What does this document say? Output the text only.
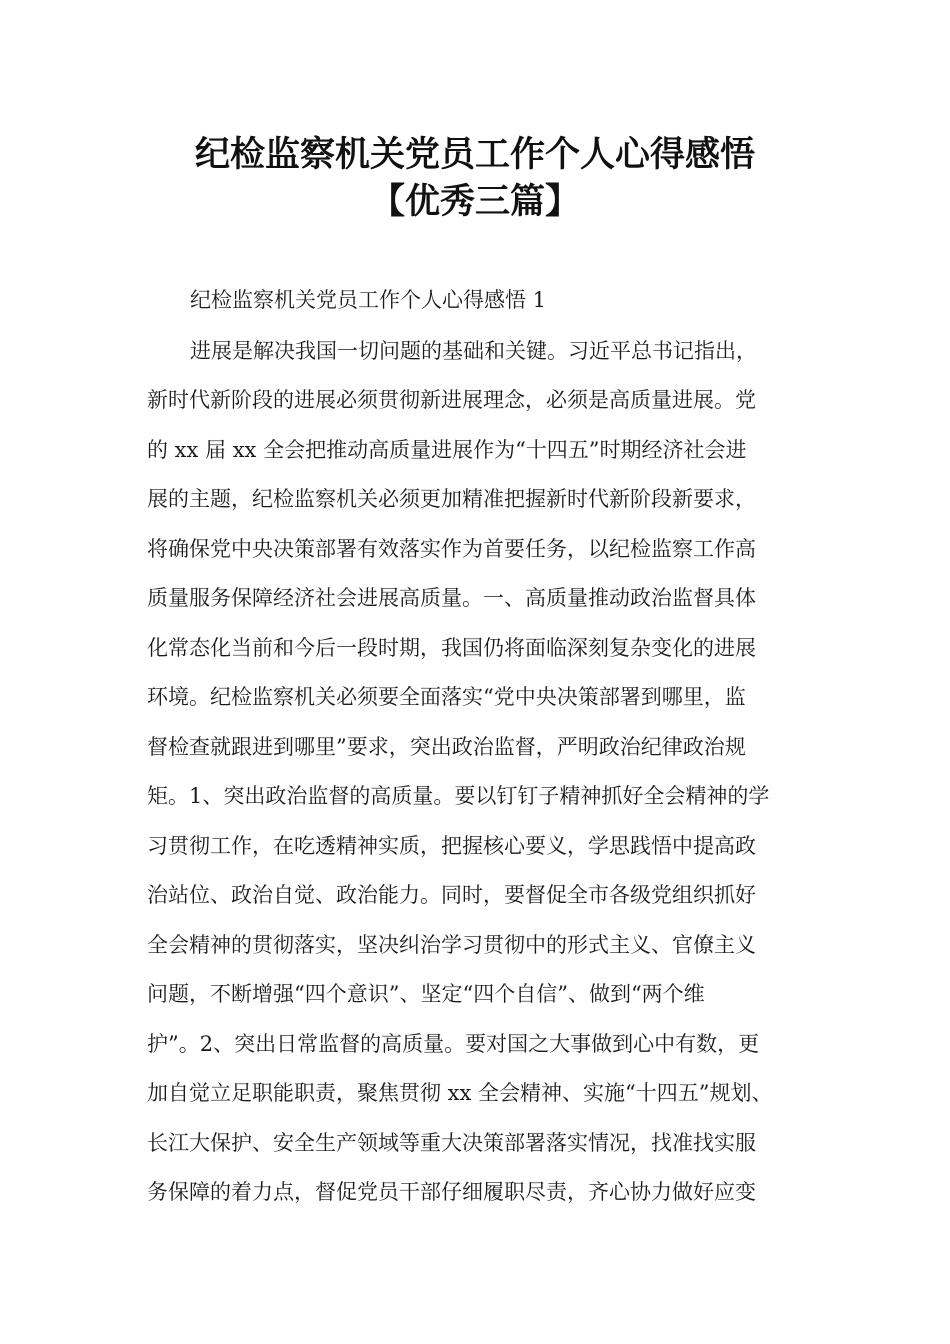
纪检监察机关党员工作个人心得感悟
【优秀三篇】

纪检监察机关党员工作个人心得感悟 1

进展是解决我国一切问题的基础和关键。习近平总书记指出，

新时代新阶段的进展必须贯彻新进展理念，必须是高质量进展。党

的 xx 届 xx 全会把推动高质量进展作为“十四五”时期经济社会进

展的主题，纪检监察机关必须更加精准把握新时代新阶段新要求，

将确保党中央决策部署有效落实作为首要任务，以纪检监察工作高

质量服务保障经济社会进展高质量。一、高质量推动政治监督具体

化常态化当前和今后一段时期，我国仍将面临深刻复杂变化的进展

环境。纪检监察机关必须要全面落实“党中央决策部署到哪里，监

督检查就跟进到哪里”要求，突出政治监督，严明政治纪律政治规

矩。1、突出政治监督的高质量。要以钉钉子精神抓好全会精神的学

习贯彻工作，在吃透精神实质，把握核心要义，学思践悟中提高政

治站位、政治自觉、政治能力。同时，要督促全市各级党组织抓好

全会精神的贯彻落实，坚决纠治学习贯彻中的形式主义、官僚主义

问题，不断增强“四个意识”、坚定“四个自信”、做到“两个维

护”。2、突出日常监督的高质量。要对国之大事做到心中有数，更

加自觉立足职能职责，聚焦贯彻 xx 全会精神、实施“十四五”规划、

长江大保护、安全生产领域等重大决策部署落实情况，找准找实服

务保障的着力点，督促党员干部仔细履职尽责，齐心协力做好应变
